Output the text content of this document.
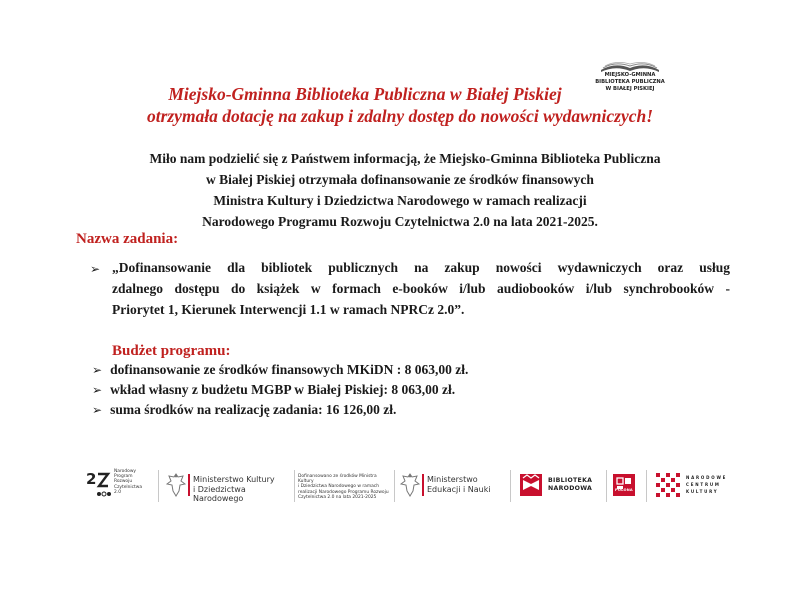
MIEJSKO-GMINNA
BIBLIOTEKA PUBLICZNA
W BIAŁEJ PISKIEJ
Miejsko-Gminna Biblioteka Publiczna w Białej Piskiej
otrzymała dotację na zakup i zdalny dostęp do nowości wydawniczych!
Miło nam podzielić się z Państwem informacją, że Miejsko-Gminna Biblioteka Publiczna
w Białej Piskiej otrzymała dofinansowanie ze środków finansowych
Ministra Kultury i Dziedzictwa Narodowego w ramach realizacji
Narodowego Programu Rozwoju Czytelnictwa 2.0 na lata 2021-2025.
Nazwa zadania:
➢ „Dofinansowanie dla bibliotek publicznych na zakup nowości wydawniczych oraz usług
zdalnego dostępu do książek w formach e-booków i/lub audiobooków i/lub synchrobooków -
Priorytet 1, Kierunek Interwencji 1.1 w ramach NPRCz 2.0”.
Budżet programu:
➢ dofinansowanie ze środków finansowych MKiDN : 8 063,00 zł.
➢ wkład własny z budżetu MGBP w Białej Piskiej: 8 063,00 zł.
➢ suma środków na realizację zadania: 16 126,00 zł.
2	Narodowy
Program
Rozwoju
Czytelnictwa
2.0
Ministerstwo Kultury
i Dziedzictwa Narodowego
Dofinansowano ze środków Ministra Kultury
i Dziedzictwa Narodowego w ramach
realizacji Narodowego Programu Rozwoju
Czytelnictwa 2.0 na lata 2021-2025
Ministerstwo
Edukacji i Nauki
BIBLIOTEKA
NARODOWA	POLONA
NARODOWE
CENTRUM
KULTURY
